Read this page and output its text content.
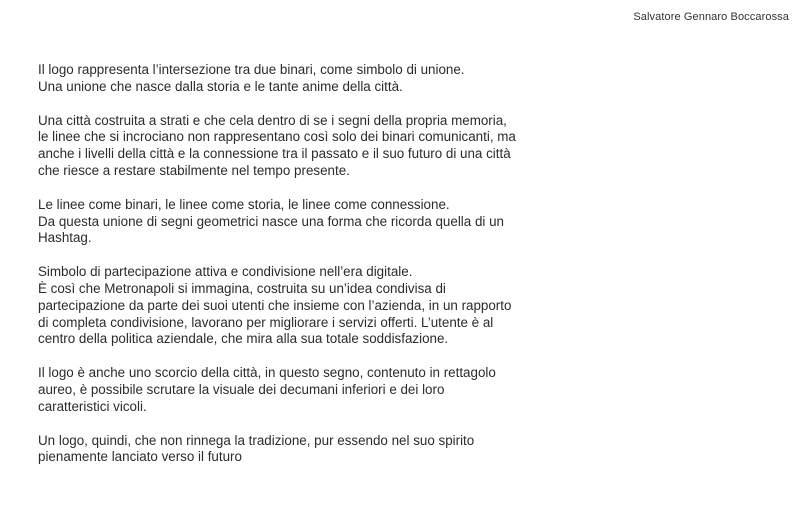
Salvatore Gennaro Boccarossa

Il logo rappresenta l’intersezione tra due binari, come simbolo di unione.
Una unione che nasce dalla storia e le tante anime della città.

Una città costruita a strati e che cela dentro di se i segni della propria memoria,
le linee che si incrociano non rappresentano così solo dei binari comunicanti, ma
anche i livelli della città e la connessione tra il passato e il suo futuro di una città
che riesce a restare stabilmente nel tempo presente.

Le linee come binari, le linee come storia, le linee come connessione.
Da questa unione di segni geometrici nasce una forma che ricorda quella di un
Hashtag.

Simbolo di partecipazione attiva e condivisione nell’era digitale.
È così che Metronapoli si immagina, costruita su un’idea condivisa di
partecipazione da parte dei suoi utenti che insieme con l’azienda, in un rapporto
di completa condivisione, lavorano per migliorare i servizi offerti. L’utente è al
centro della politica aziendale, che mira alla sua totale soddisfazione.

Il logo è anche uno scorcio della città, in questo segno, contenuto in rettagolo
aureo, è possibile scrutare la visuale dei decumani inferiori e dei loro
caratteristici vicoli.

Un logo, quindi, che non rinnega la tradizione, pur essendo nel suo spirito
pienamente lanciato verso il futuro
